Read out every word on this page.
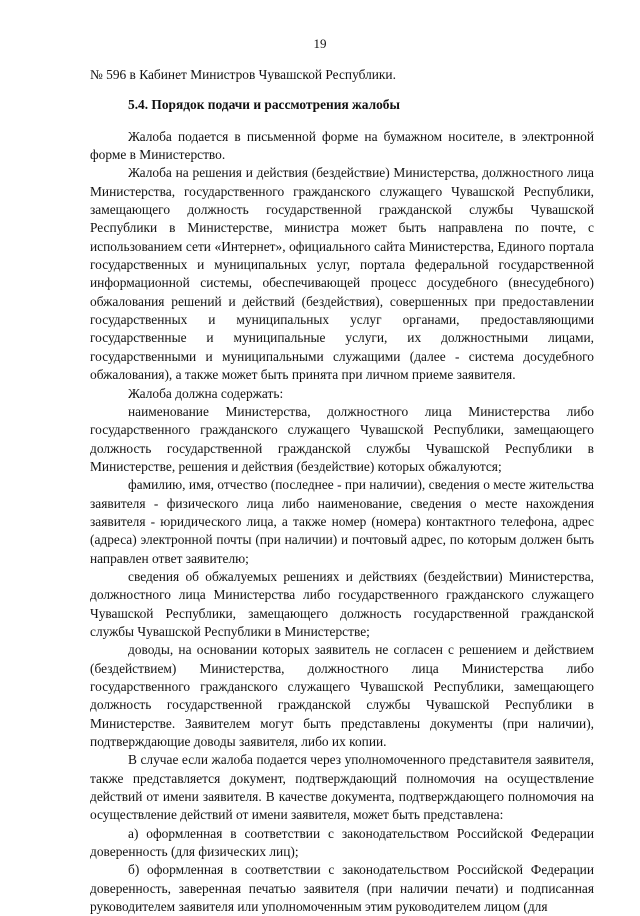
19

№ 596 в Кабинет Министров Чувашской Республики.

5.4. Порядок подачи и рассмотрения жалобы

Жалоба подается в письменной форме на бумажном носителе, в электронной форме в Министерство.

Жалоба на решения и действия (бездействие) Министерства, должностного лица Министерства, государственного гражданского служащего Чувашской Республики, замещающего должность государственной гражданской службы Чувашской Республики в Министерстве, министра может быть направлена по почте, с использованием сети «Интернет», официального сайта Министерства, Единого портала государственных и муниципальных услуг, портала федеральной государственной информационной системы, обеспечивающей процесс досудебного (внесудебного) обжалования решений и действий (бездействия), совершенных при предоставлении государственных и муниципальных услуг органами, предоставляющими государственные и муниципальные услуги, их должностными лицами, государственными и муниципальными служащими (далее - система досудебного обжалования), а также может быть принята при личном приеме заявителя.

Жалоба должна содержать:

наименование Министерства, должностного лица Министерства либо государственного гражданского служащего Чувашской Республики, замещающего должность государственной гражданской службы Чувашской Республики в Министерстве, решения и действия (бездействие) которых обжалуются;

фамилию, имя, отчество (последнее - при наличии), сведения о месте жительства заявителя - физического лица либо наименование, сведения о месте нахождения заявителя - юридического лица, а также номер (номера) контактного телефона, адрес (адреса) электронной почты (при наличии) и почтовый адрес, по которым должен быть направлен ответ заявителю;

сведения об обжалуемых решениях и действиях (бездействии) Министерства, должностного лица Министерства либо государственного гражданского служащего Чувашской Республики, замещающего должность государственной гражданской службы Чувашской Республики в Министерстве;

доводы, на основании которых заявитель не согласен с решением и действием (бездействием) Министерства, должностного лица Министерства либо государственного гражданского служащего Чувашской Республики, замещающего должность государственной гражданской службы Чувашской Республики в Министерстве. Заявителем могут быть представлены документы (при наличии), подтверждающие доводы заявителя, либо их копии.

В случае если жалоба подается через уполномоченного представителя заявителя, также представляется документ, подтверждающий полномочия на осуществление действий от имени заявителя. В качестве документа, подтверждающего полномочия на осуществление действий от имени заявителя, может быть представлена:

а) оформленная в соответствии с законодательством Российской Федерации доверенность (для физических лиц);

б) оформленная в соответствии с законодательством Российской Федерации доверенность, заверенная печатью заявителя (при наличии печати) и подписанная руководителем заявителя или уполномоченным этим руководителем лицом (для
